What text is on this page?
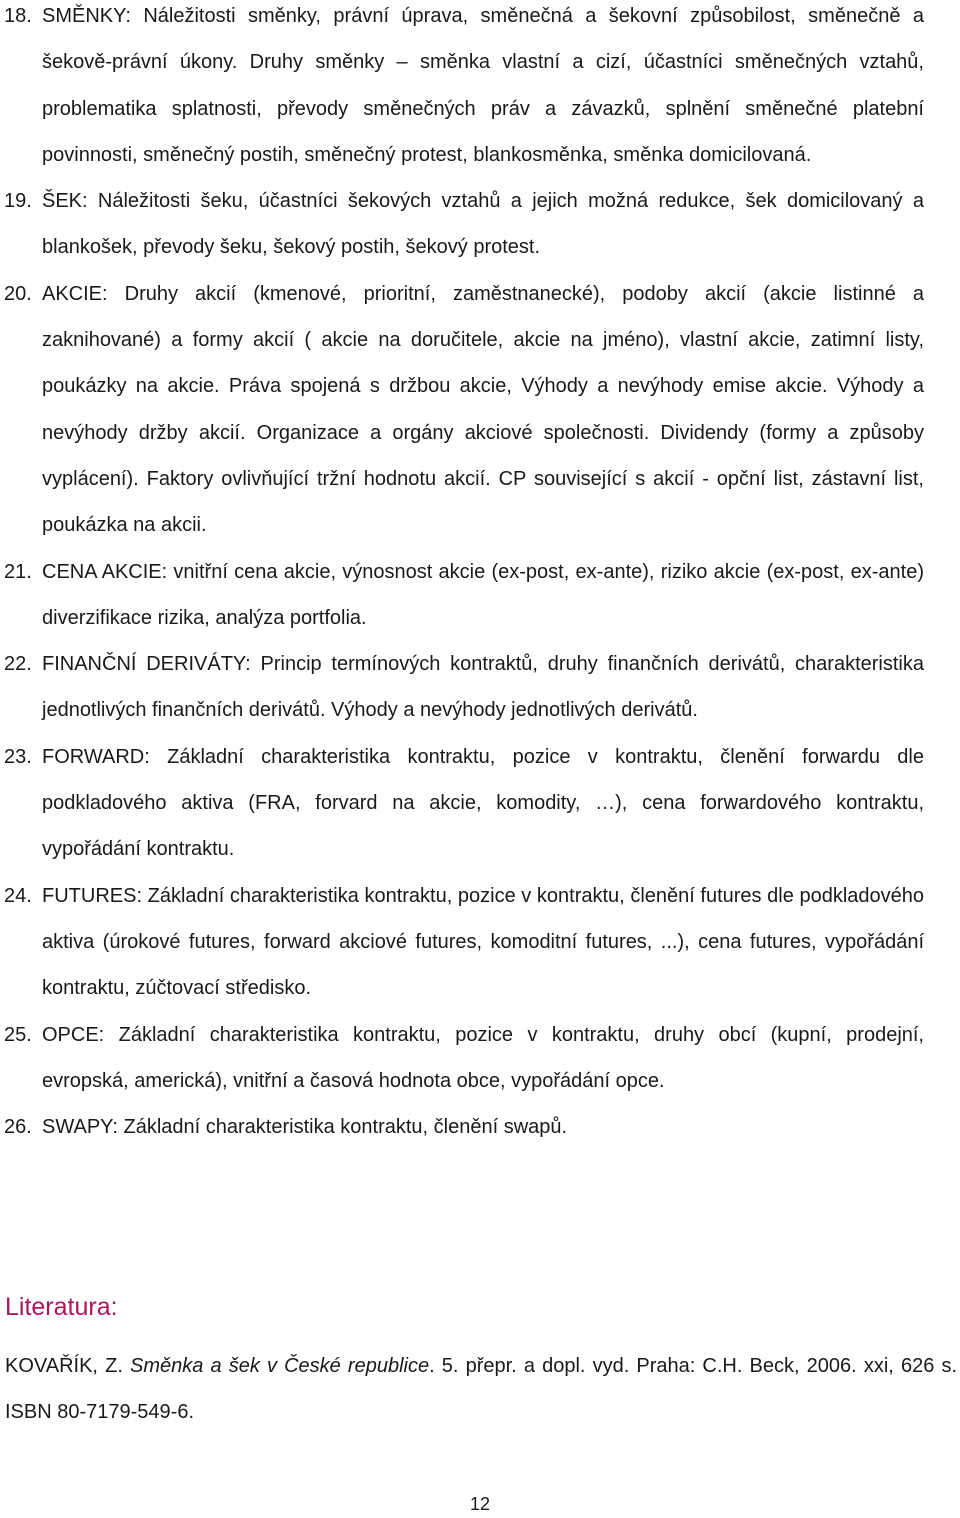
18. SMĚNKY: Náležitosti směnky, právní úprava, směnečná a šekovní způsobilost, směnečně a šekově-právní úkony. Druhy směnky – směnka vlastní a cizí, účastníci směnečných vztahů, problematika splatnosti, převody směnečných práv a závazků, splnění směnečné platební povinnosti, směnečný postih, směnečný protest, blankosměnka, směnka domicilovaná.
19. ŠEK: Náležitosti šeku, účastníci šekových vztahů a jejich možná redukce, šek domicilovaný a blankošek, převody šeku, šekový postih, šekový protest.
20. AKCIE: Druhy akcií (kmenové, prioritní, zaměstnanecké), podoby akcií (akcie listinné a zaknihované) a formy akcií ( akcie na doručitele, akcie na jméno), vlastní akcie, zatimní listy, poukázky na akcie. Práva spojená s držbou akcie, Výhody a nevýhody emise akcie. Výhody a nevýhody držby akcií. Organizace a orgány akciové společnosti. Dividendy (formy a způsoby vyplácení). Faktory ovlivňující tržní hodnotu akcií. CP související s akcií - opční list, zástavní list, poukázka na akcii.
21. CENA AKCIE: vnitřní cena akcie, výnosnost akcie (ex-post, ex-ante), riziko akcie (ex-post, ex-ante) diverzifikace rizika, analýza portfolia.
22. FINANČNÍ DERIVÁTY: Princip termínových kontraktů, druhy finančních derivátů, charakteristika jednotlivých finančních derivátů. Výhody a nevýhody jednotlivých derivátů.
23. FORWARD: Základní charakteristika kontraktu, pozice v kontraktu, členění forwardu dle podkladového aktiva (FRA, forvard na akcie, komodity, …), cena forwardového kontraktu, vypořádání kontraktu.
24. FUTURES: Základní charakteristika kontraktu, pozice v kontraktu, členění futures dle podkladového aktiva (úrokové futures, forward akciové futures, komoditní futures, ...), cena futures, vypořádání kontraktu, zúčtovací středisko.
25. OPCE: Základní charakteristika kontraktu, pozice v kontraktu, druhy obcí (kupní, prodejní, evropská, americká), vnitřní a časová hodnota obce, vypořádání opce.
26. SWAPY: Základní charakteristika kontraktu, členění swapů.
Literatura:

KOVAŘÍK, Z. Směnka a šek v České republice. 5. přepr. a dopl. vyd. Praha: C.H. Beck, 2006. xxi, 626 s. ISBN 80-7179-549-6.

12
